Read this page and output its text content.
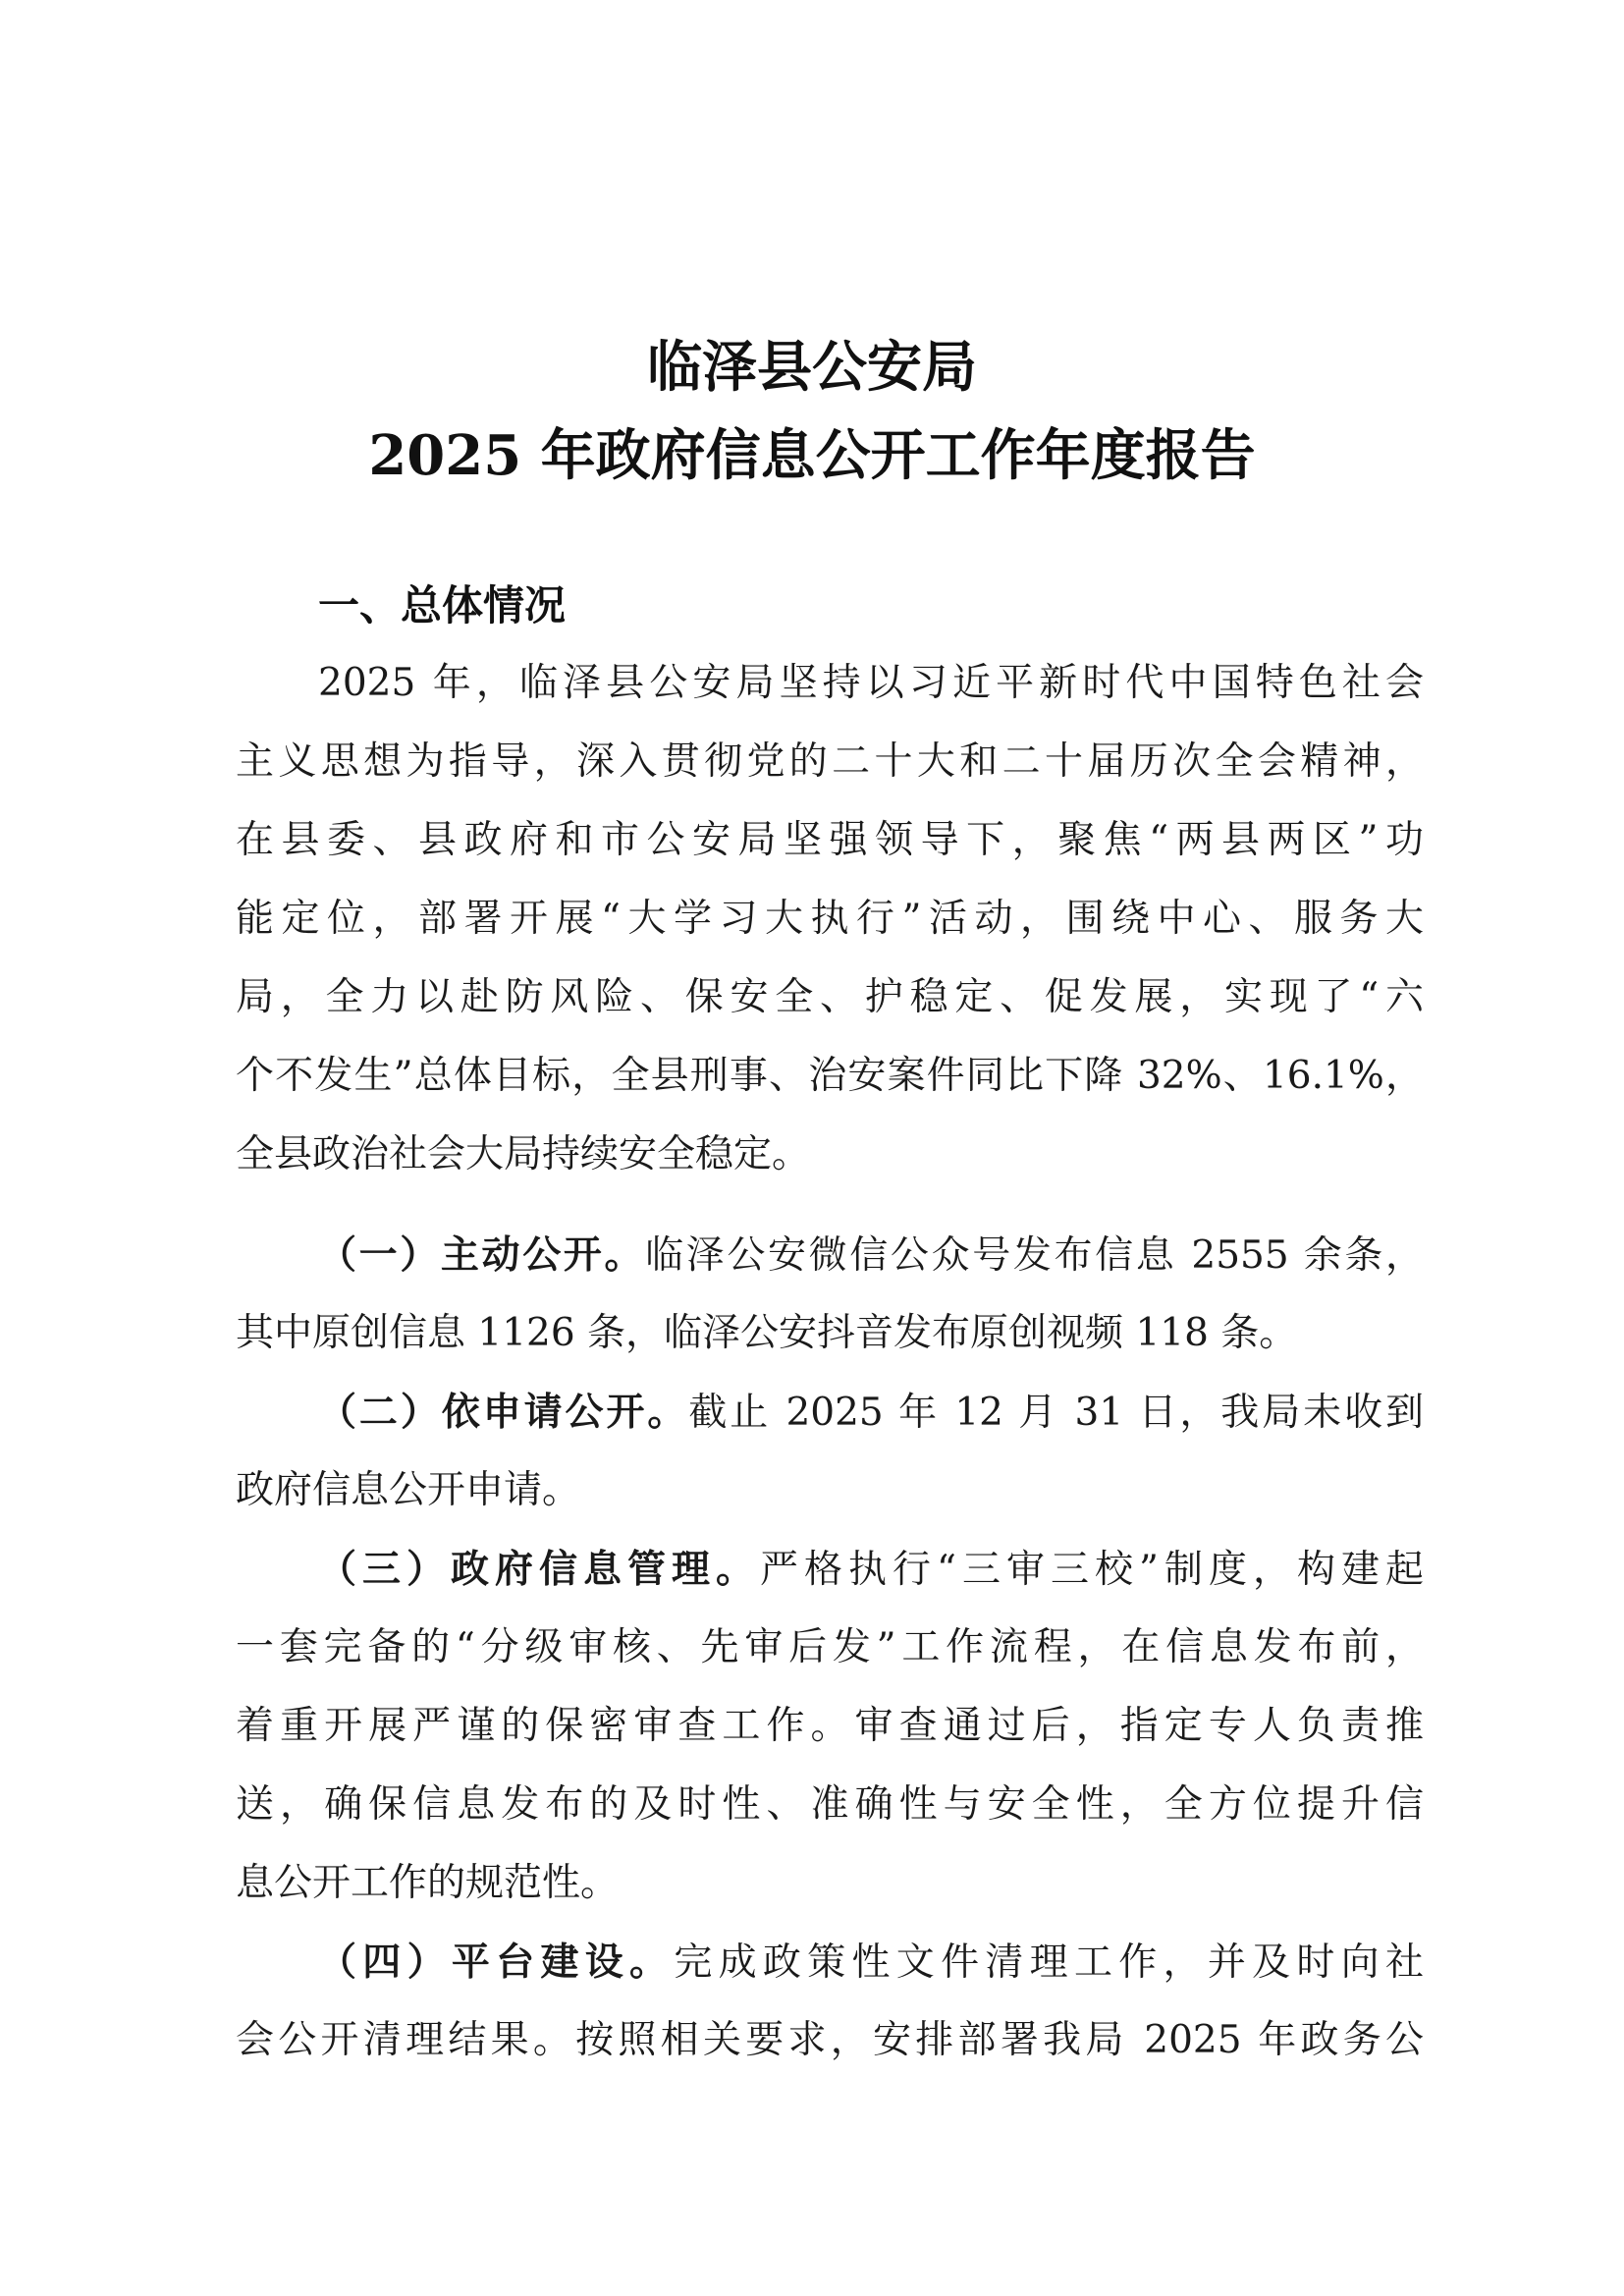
临泽县公安局
2025 年政府信息公开工作年度报告
一、总体情况
2025 年，临泽县公安局坚持以习近平新时代中国特色社会
主义思想为指导，深入贯彻党的二十大和二十届历次全会精神，
在县委、县政府和市公安局坚强领导下，聚焦“两县两区”功
能定位，部署开展“大学习大执行”活动，围绕中心、服务大
局，全力以赴防风险、保安全、护稳定、促发展，实现了“六
个不发生”总体目标，全县刑事、治安案件同比下降 32%、16.1%，
全县政治社会大局持续安全稳定。
（一）主动公开。临泽公安微信公众号发布信息 2555 余条，
其中原创信息 1126 条，临泽公安抖音发布原创视频 118 条。
（二）依申请公开。截止 2025 年 12 月 31 日，我局未收到
政府信息公开申请。
（三）政府信息管理。严格执行“三审三校”制度，构建起
一套完备的“分级审核、先审后发”工作流程，在信息发布前，
着重开展严谨的保密审查工作。审查通过后，指定专人负责推
送，确保信息发布的及时性、准确性与安全性，全方位提升信
息公开工作的规范性。
（四）平台建设。完成政策性文件清理工作，并及时向社
会公开清理结果。按照相关要求，安排部署我局 2025 年政务公
